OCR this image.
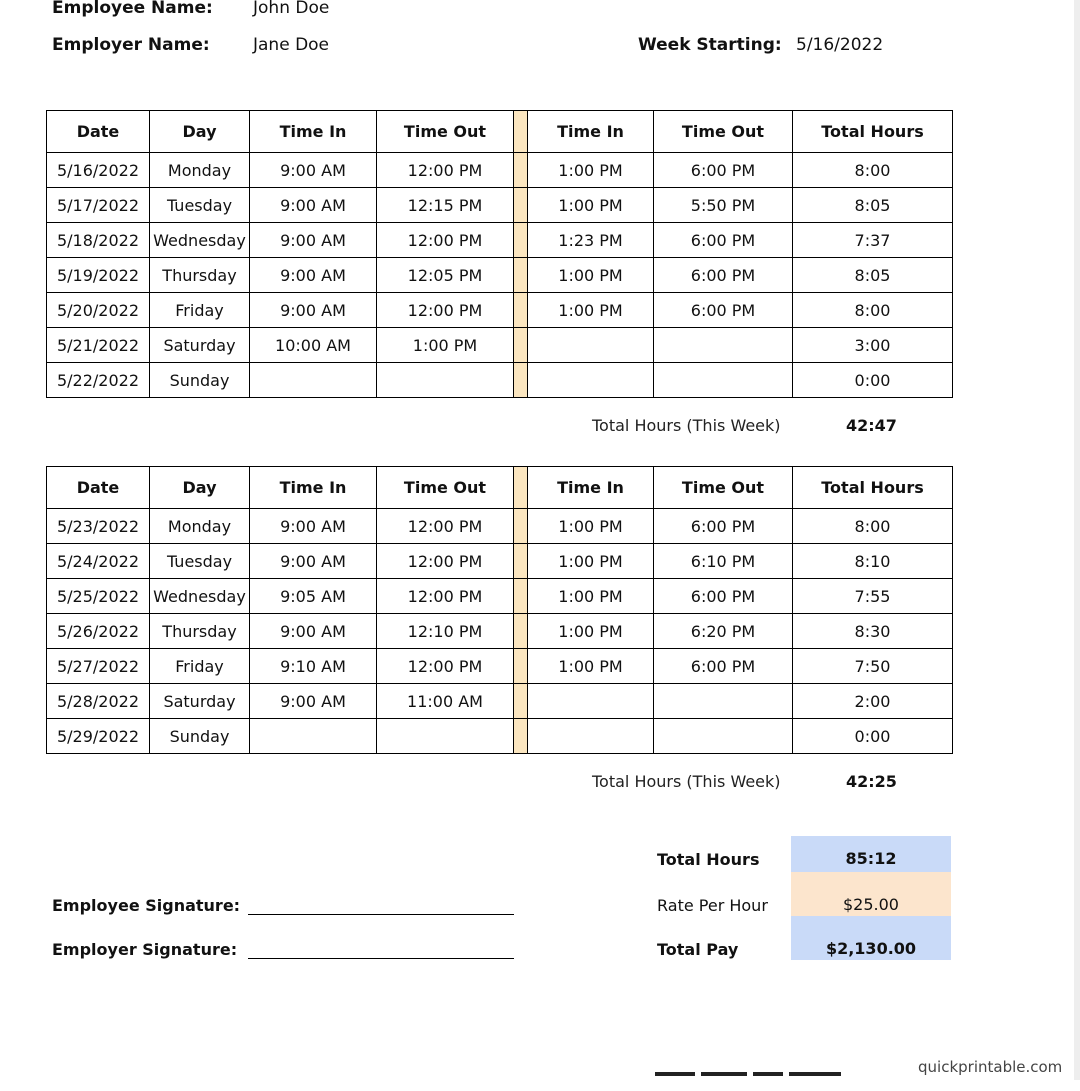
Employee Name: John Doe
Employer Name:	Jane Doe	Week Starting: 5/16/2022
Date	Day	Time In	Time Out		Time In	Time Out	Total Hours
5/16/2022	Monday	9:00 AM	12:00 PM		1:00 PM	6:00 PM	8:00
5/17/2022	Tuesday	9:00 AM	12:15 PM		1:00 PM	5:50 PM	8:05
5/18/2022	Wednesday	9:00 AM	12:00 PM		1:23 PM	6:00 PM	7:37
5/19/2022	Thursday	9:00 AM	12:05 PM		1:00 PM	6:00 PM	8:05
5/20/2022	Friday	9:00 AM	12:00 PM		1:00 PM	6:00 PM	8:00
5/21/2022	Saturday	10:00 AM	1:00 PM				3:00
5/22/2022	Sunday						0:00
Total Hours (This Week)	42:47
Date	Day	Time In	Time Out		Time In	Time Out	Total Hours
5/23/2022	Monday	9:00 AM	12:00 PM		1:00 PM	6:00 PM	8:00
5/24/2022	Tuesday	9:00 AM	12:00 PM		1:00 PM	6:10 PM	8:10
5/25/2022	Wednesday	9:05 AM	12:00 PM		1:00 PM	6:00 PM	7:55
5/26/2022	Thursday	9:00 AM	12:10 PM		1:00 PM	6:20 PM	8:30
5/27/2022	Friday	9:10 AM	12:00 PM		1:00 PM	6:00 PM	7:50
5/28/2022	Saturday	9:00 AM	11:00 AM				2:00
5/29/2022	Sunday						0:00
Total Hours (This Week)	42:25
Total Hours	85:12
Rate Per Hour	$25.00
Total Pay	$2,130.00
Employee Signature:
Employer Signature:
quickprintable.com
